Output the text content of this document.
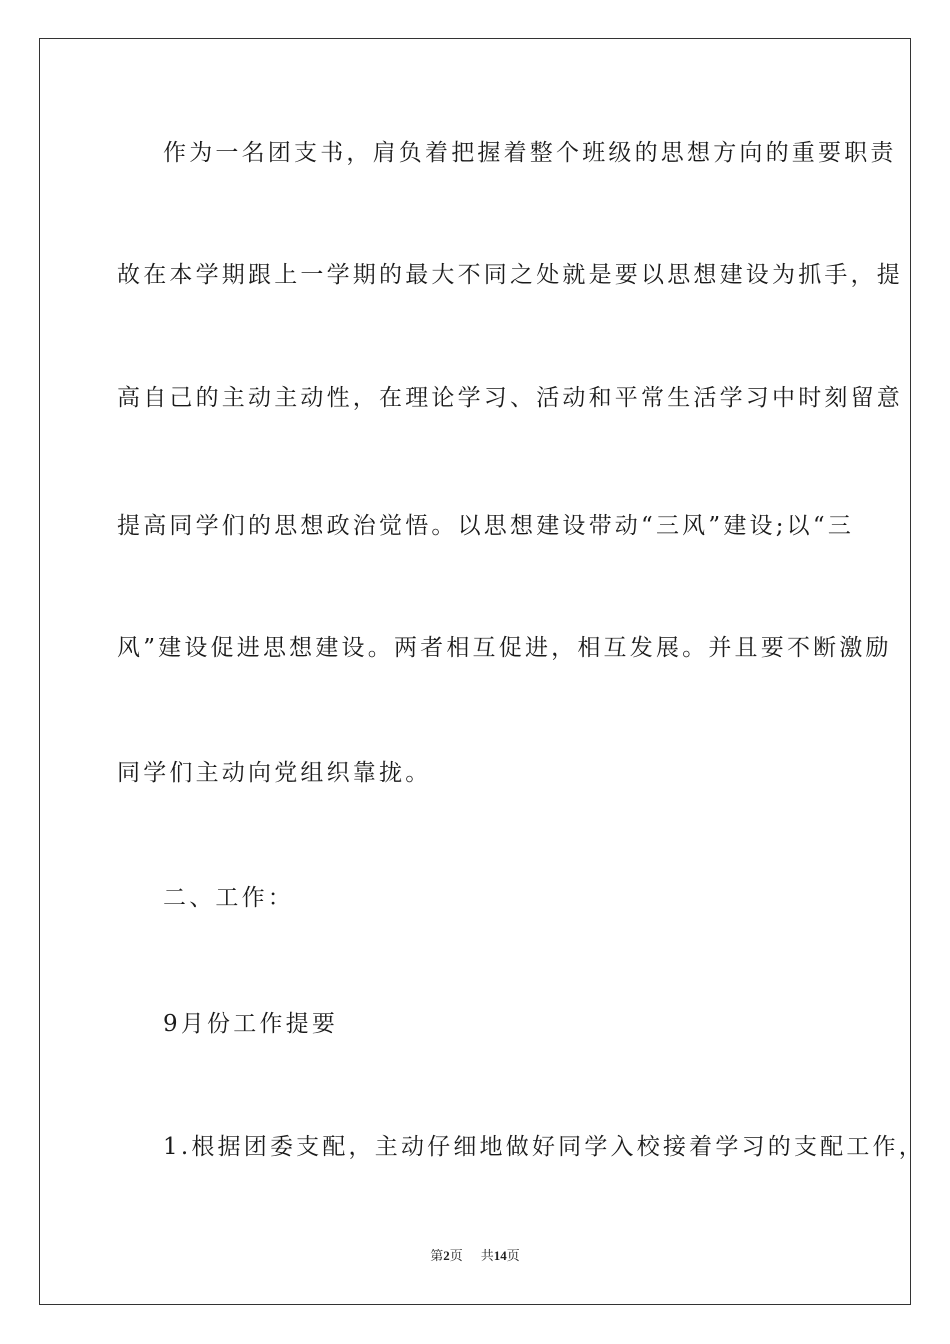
作为一名团支书，肩负着把握着整个班级的思想方向的重要职责
故在本学期跟上一学期的最大不同之处就是要以思想建设为抓手，提
高自己的主动主动性，在理论学习、活动和平常生活学习中时刻留意
提高同学们的思想政治觉悟。以思想建设带动“三风”建设;以“三
风”建设促进思想建设。两者相互促进，相互发展。并且要不断激励
同学们主动向党组织靠拢。
二、工作：
9月份工作提要
1.根据团委支配，主动仔细地做好同学入校接着学习的支配工作，
第2页 共14页
